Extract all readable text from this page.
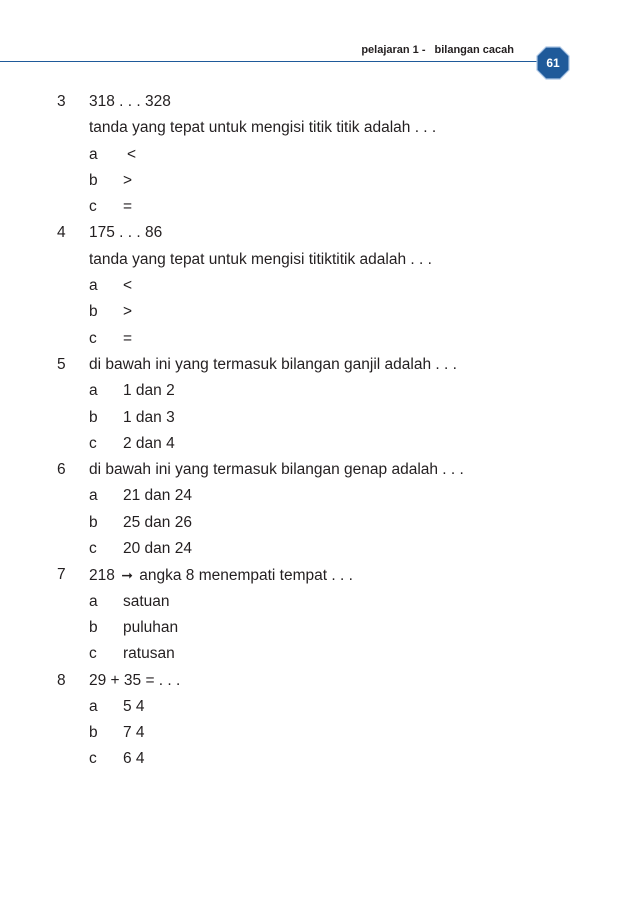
pelajaran 1 - bilangan cacah
61
3 318 . . . 328
tanda yang tepat untuk mengisi titik titik adalah . . .
a <
b >
c =
4 175 . . . 86
tanda yang tepat untuk mengisi titiktitik adalah . . .
a <
b >
c =
5 di bawah ini yang termasuk bilangan ganjil adalah . . .
a 1 dan 2
b 1 dan 3
c 2 dan 4
6 di bawah ini yang termasuk bilangan genap adalah . . .
a 21 dan 24
b 25 dan 26
c 20 dan 24
7 218 ➞ angka 8 menempati tempat . . .
a satuan
b puluhan
c ratusan
8 29 + 35 = . . .
a 5 4
b 7 4
c 6 4
